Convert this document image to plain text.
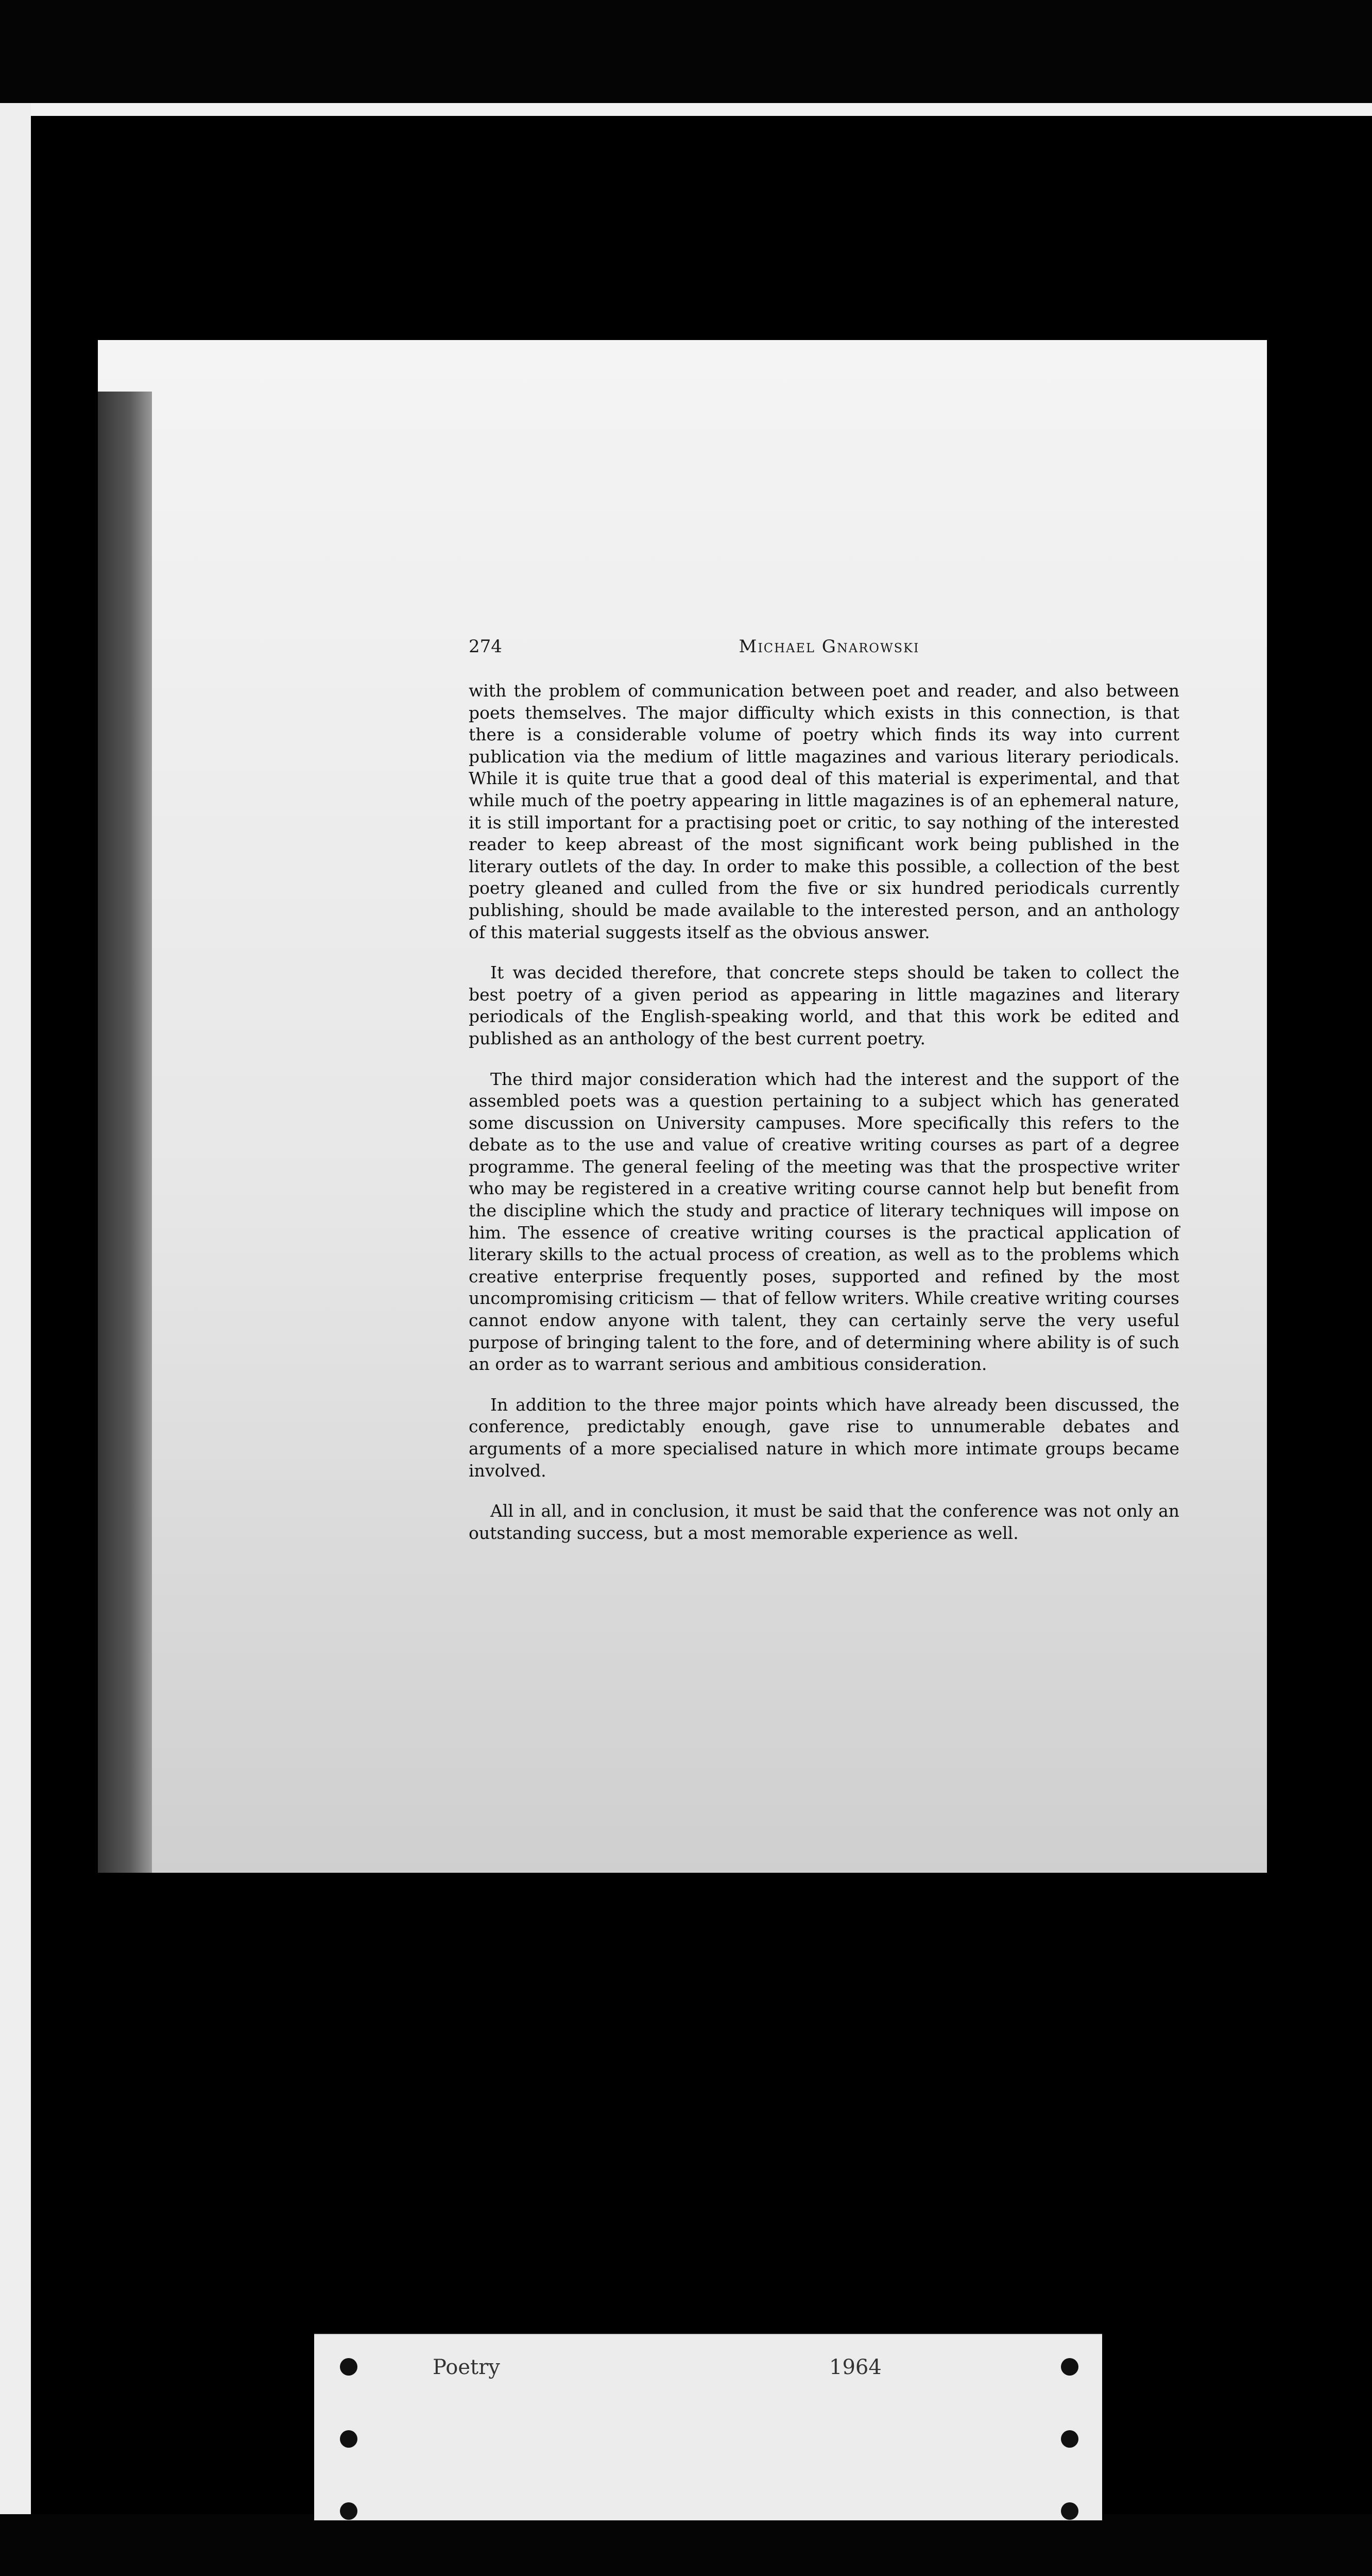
274	Michael Gnarowski

with the problem of communication between poet and reader, and also between poets themselves. The major difficulty which exists in this connection, is that there is a considerable volume of poetry which finds its way into current publication via the medium of little magazines and various literary periodicals. While it is quite true that a good deal of this material is experimental, and that while much of the poetry appearing in little magazines is of an ephemeral nature, it is still important for a practising poet or critic, to say nothing of the interested reader to keep abreast of the most significant work being published in the literary outlets of the day. In order to make this possible, a collection of the best poetry gleaned and culled from the five or six hundred periodicals currently publishing, should be made available to the interested person, and an anthology of this material suggests itself as the obvious answer.

It was decided therefore, that concrete steps should be taken to collect the best poetry of a given period as appearing in little magazines and literary periodicals of the English-speaking world, and that this work be edited and published as an anthology of the best current poetry.

The third major consideration which had the interest and the support of the assembled poets was a question pertaining to a subject which has generated some discussion on University campuses. More specifically this refers to the debate as to the use and value of creative writing courses as part of a degree programme. The general feeling of the meeting was that the prospective writer who may be registered in a creative writing course cannot help but benefit from the discipline which the study and practice of literary techniques will impose on him. The essence of creative writing courses is the practical application of literary skills to the actual process of creation, as well as to the problems which creative enterprise frequently poses, supported and refined by the most uncompromising criticism — that of fellow writers. While creative writing courses cannot endow anyone with talent, they can certainly serve the very useful purpose of bringing talent to the fore, and of determining where ability is of such an order as to warrant serious and ambitious consideration.

In addition to the three major points which have already been discussed, the conference, predictably enough, gave rise to unnumerable debates and arguments of a more specialised nature in which more intimate groups became involved.

All in all, and in conclusion, it must be said that the conference was not only an outstanding success, but a most memorable experience as well.

Poetry	1964
